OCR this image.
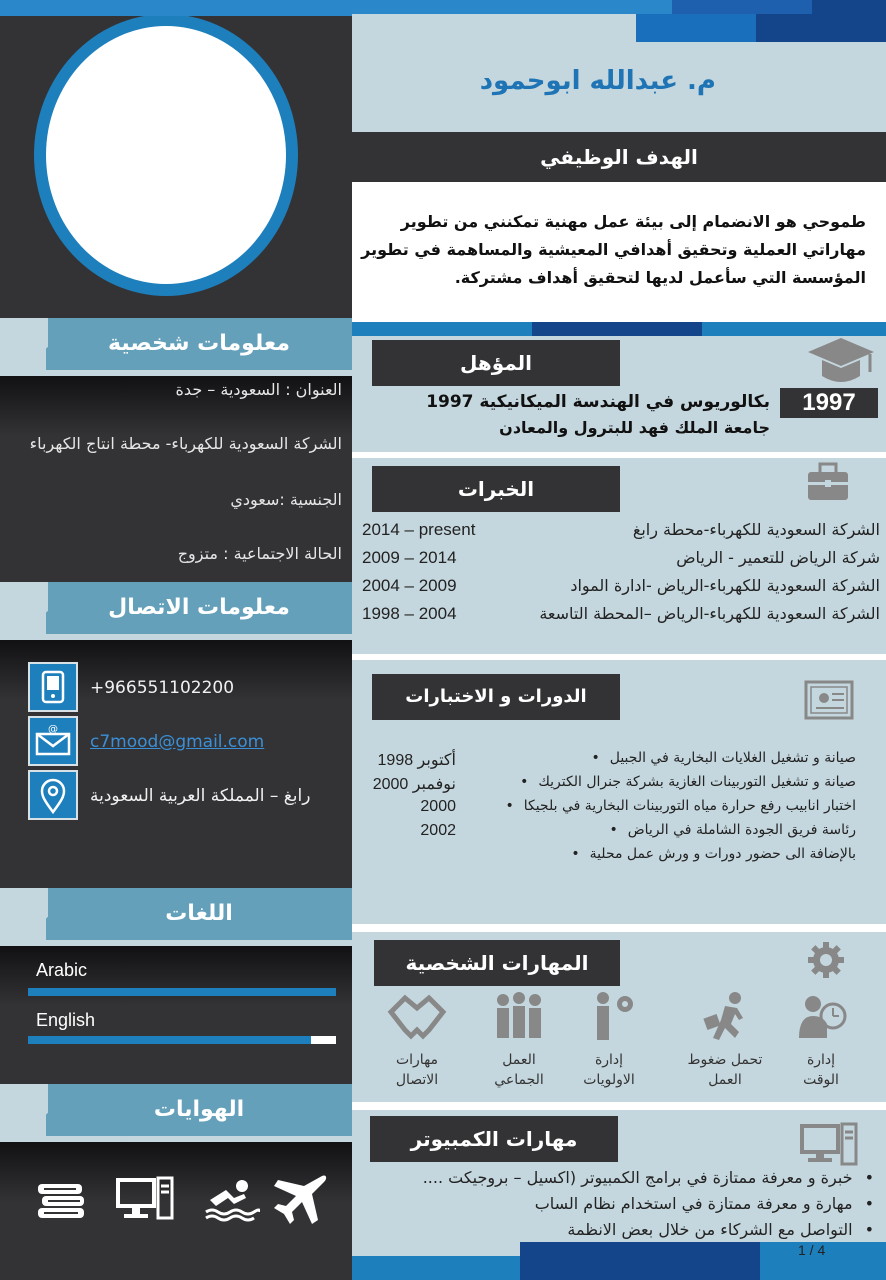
معلومات شخصية
العنوان : السعودية – جدة
الشركة السعودية للكهرباء- محطة انتاج الكهرباء
الجنسية :سعودي
الحالة الاجتماعية : متزوج
معلومات الاتصال
+966551102200
@
c7mood@gmail.com
رابغ – المملكة العربية السعودية
اللغات
Arabic
English
الهوايات
م. عبدالله ابوحمود
الهدف الوظيفي
طموحي هو الانضمام إلى بيئة عمل مهنية تمكنني من تطوير
مهاراتي العملية وتحقيق أهدافي المعيشية والمساهمة في تطوير
المؤسسة التي سأعمل لديها لتحقيق أهداف مشتركة.
المؤهل
1997
بكالوريوس في الهندسة الميكانيكية 1997
جامعة الملك فهد للبترول والمعادن
الخبرات
2014 – present	الشركة السعودية للكهرباء-محطة رابغ
2009 – 2014	شركة الرياض للتعمير - الرياض
2004 – 2009	الشركة السعودية للكهرباء-الرياض -ادارة المواد
1998 – 2004	الشركة السعودية للكهرباء-الرياض –المحطة التاسعة
الدورات و الاختبارات
أكتوبر 1998	صيانة و تشغيل الغلايات البخارية في الجبيل •
نوفمبر 2000	صيانة و تشغيل التوربينات الغازية بشركة جنرال الكتريك •
2000	اختبار انابيب رفع حرارة مياه التوربينات البخارية في بلجيكا •
2002	رئاسة فريق الجودة الشاملة في الرياض •
بالإضافة الى حضور دورات و ورش عمل محلية •
المهارات الشخصية
مهارات
الاتصال
العمل
الجماعي
إدارة
الاولويات
تحمل ضغوط
العمل
إدارة
الوقت
مهارات الكمبيوتر
• خبرة و معرفة ممتازة في برامج الكمبيوتر (اكسيل – بروجيكت ....
• مهارة و معرفة ممتازة في استخدام نظام الساب
• التواصل مع الشركاء من خلال بعض الانظمة
1 / 4
